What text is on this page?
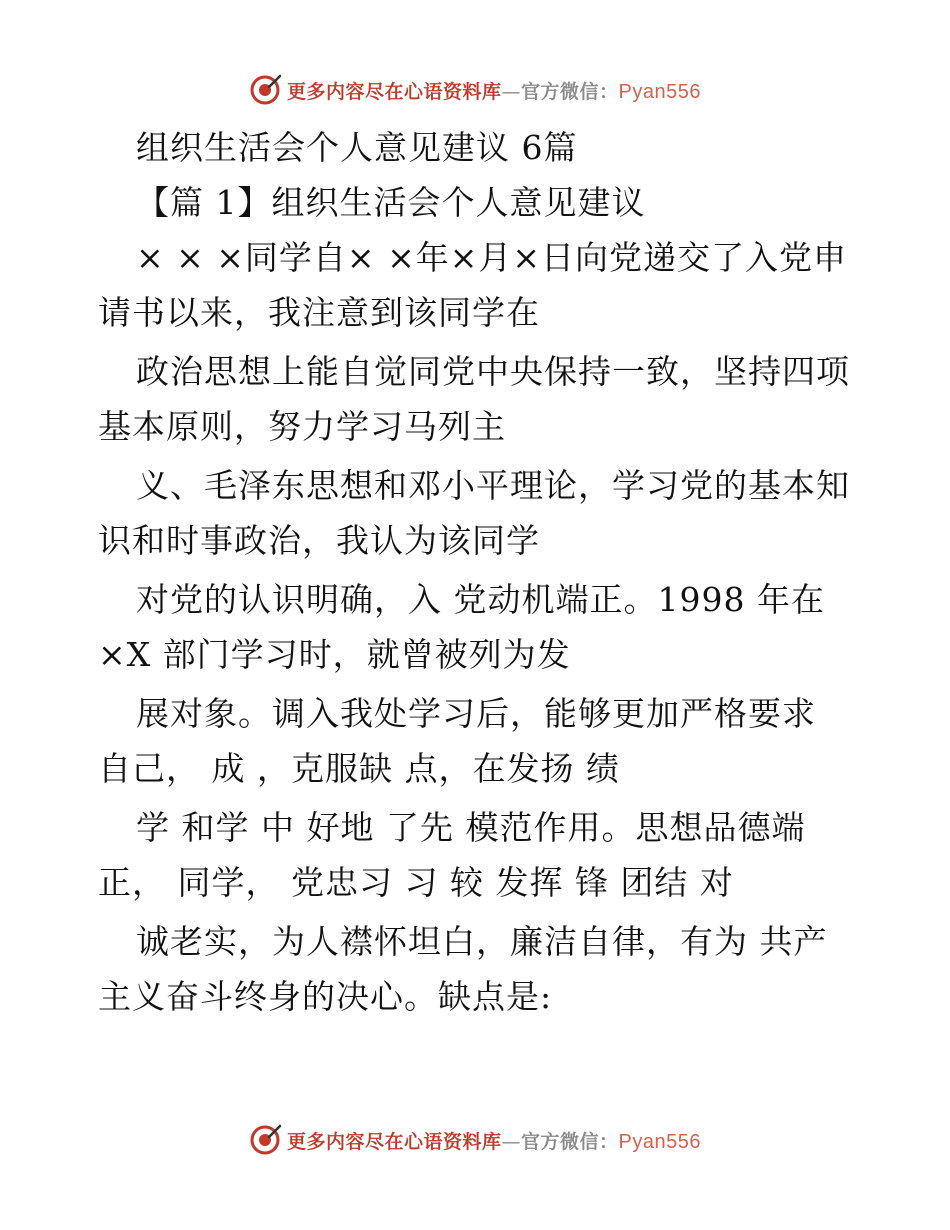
更多内容尽在心语资料库—官方微信：Pyan556
组织生活会个人意见建议 6篇
【篇 1】组织生活会个人意见建议
× × ×同学自× ×年×月×日向党递交了入党申
请书以来，我注意到该同学在
政治思想上能自觉同党中央保持一致，坚持四项
基本原则，努力学习马列主
义、毛泽东思想和邓小平理论，学习党的基本知
识和时事政治，我认为该同学
对党的认识明确，入 党动机端正。1998 年在
×X 部门学习时，就曾被列为发
展对象。调入我处学习后，能够更加严格要求
自己， 成 ，克服缺 点，在发扬 绩
学 和学 中 好地 了先 模范作用。思想品德端
正， 同学， 党忠习 习 较 发挥 锋 团结 对
诚老实，为人襟怀坦白，廉洁自律，有为 共产
主义奋斗终身的决心。缺点是:
更多内容尽在心语资料库—官方微信：Pyan556
